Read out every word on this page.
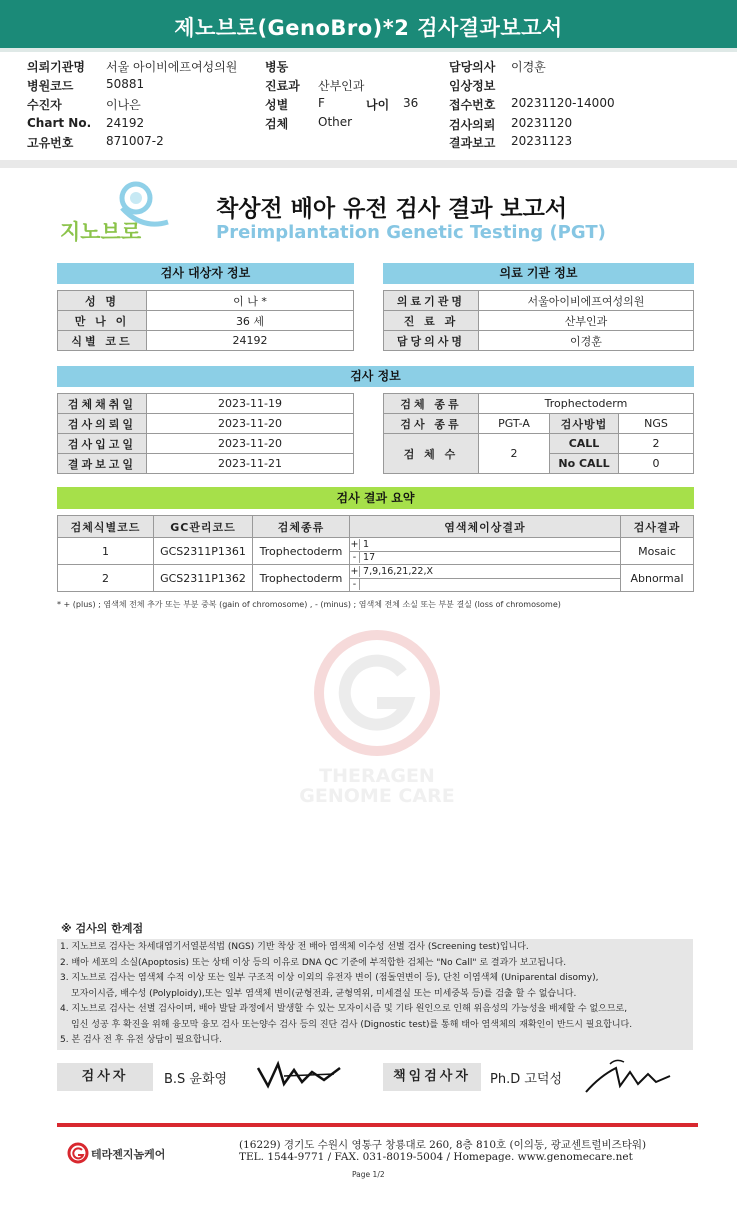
제노브로(GenoBro)*2 검사결과보고서
의뢰기관명 서울 아이비에프여성의원
병원코드	50881
수진자	이나은
Chart No. 24192
고유번호	871007-2
병동
진료과 산부인과
성별 F	나이 36
검체 Other
담당의사 이경훈
임상정보
접수번호 20231120-14000
검사의뢰 20231120
결과보고 20231123
지노브로
착상전 배아 유전 검사 결과 보고서
Preimplantation Genetic Testing (PGT)
검사 대상자 정보
성 명	이 나 *
만 나 이	36 세
식별 코드	24192
의료 기관 정보
의료기관명	서울아이비에프여성의원
진 료 과	산부인과
담당의사명	이경훈
검사 정보
검체채취일	2023-11-19
검사의뢰일	2023-11-20
검사입고일	2023-11-20
결과보고일	2023-11-21
검체 종류	Trophectoderm		
검사 종류	PGT-A	검사방법	NGS
검 체 수	2	CALL	2
		No CALL	0
검사 결과 요약
검체식별코드	GC관리코드	검체종류	염색체이상결과	검사결과
1	GCS2311P1361	Trophectoderm	+ 1	Mosaic
			- 17	
2	GCS2311P1362	Trophectoderm	+ 7,9,16,21,22,X	Abnormal
			-	
* + (plus) ; 염색체 전체 추가 또는 부분 중복 (gain of chromosome) , - (minus) ; 염색체 전체 소실 또는 부분 결실 (loss of chromosome)
THERAGEN
GENOME CARE
※ 검사의 한계점
1. 지노브로 검사는 차세대염기서열분석법 (NGS) 기반 착상 전 배아 염색체 이수성 선별 검사 (Screening test)입니다.
2. 배아 세포의 소실(Apoptosis) 또는 상태 이상 등의 이유로 DNA QC 기준에 부적합한 검체는 "No Call" 로 결과가 보고됩니다.
3. 지노브로 검사는 염색체 수적 이상 또는 일부 구조적 이상 이외의 유전자 변이 (점돌연변이 등), 단친 이염색체 (Uniparental disomy),
모자이시즘, 배수성 (Polyploidy),또는 일부 염색체 변이(균형전좌, 균형역위, 미세결실 또는 미세중복 등)를 검출 할 수 없습니다.
4. 지노브로 검사는 선별 검사이며, 배아 발달 과정에서 발생할 수 있는 모자이시즘 및 기타 원인으로 인해 위음성의 가능성을 배제할 수 없으므로,
임신 성공 후 확진을 위해 융모막 융모 검사 또는양수 검사 등의 진단 검사 (Dignostic test)를 통해 태아 염색체의 재확인이 반드시 필요합니다.
5. 본 검사 전 후 유전 상담이 필요합니다.
검사자	B.S 윤화영	책임검사자	Ph.D 고덕성
테라젠지놈케어
(16229) 경기도 수원시 영통구 창룡대로 260, 8층 810호 (이의동, 광교센트럴비즈타워)
TEL. 1544-9771 / FAX. 031-8019-5004 / Homepage. www.genomecare.net
Page 1/2
